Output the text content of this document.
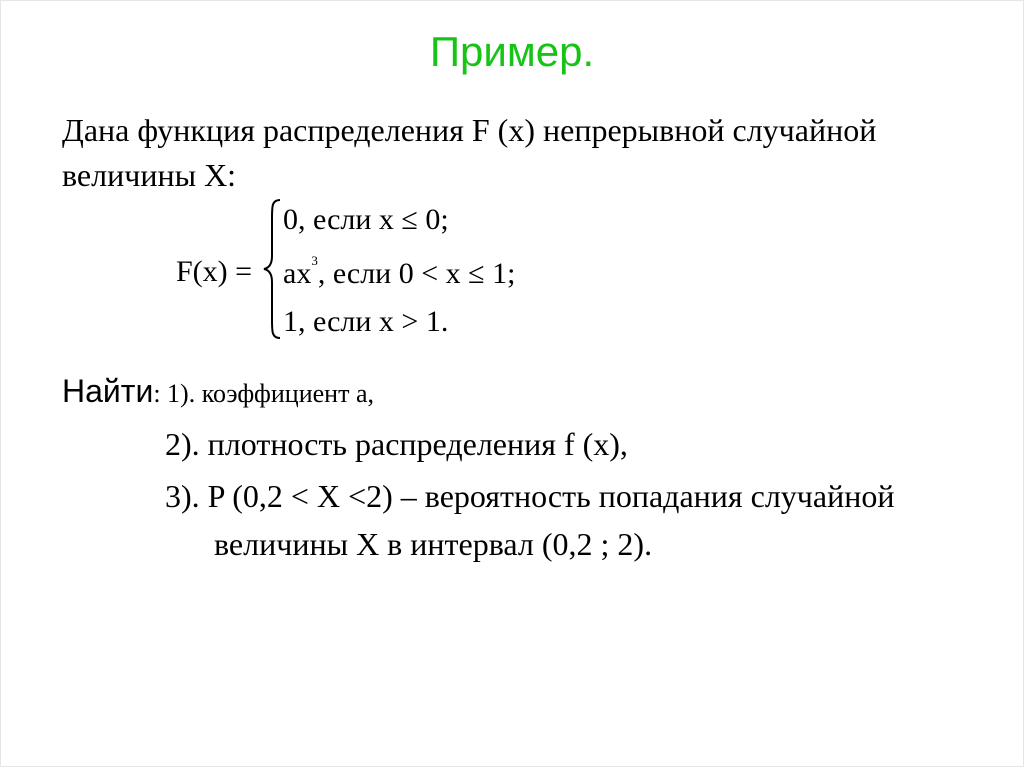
Пример.
Дана функция распределения F (x) непрерывной случайной
величины X:
F(x) =
0, если x ≤ 0;
$ax^3$, если 0 < x ≤ 1;
1, если x > 1.
Найти: 1). коэффициент a,
2). плотность распределения f (x),
3). P (0,2 < X <2) – вероятность попадания случайной
величины X в интервал (0,2 ; 2).
